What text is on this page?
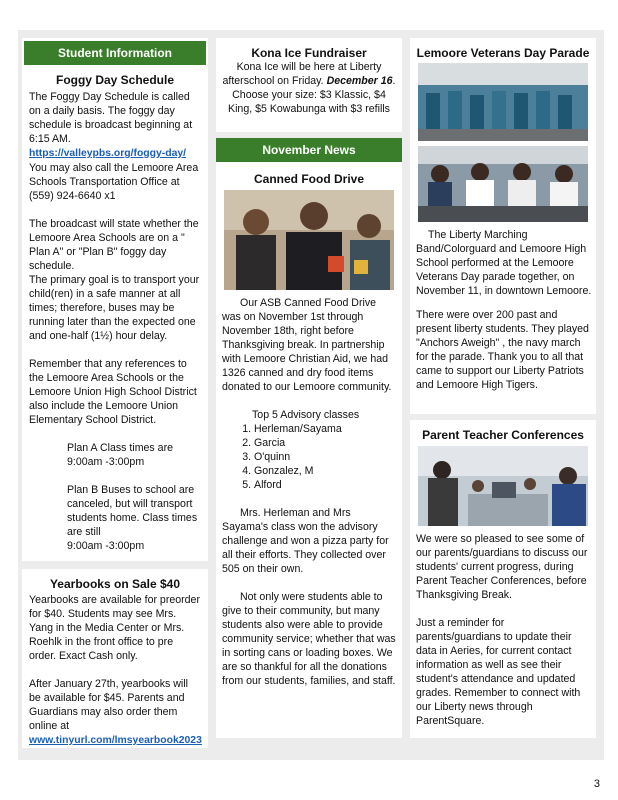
Student Information

Foggy Day Schedule

The Foggy Day Schedule is called on a daily basis. The foggy day schedule is broadcast beginning at 6:15 AM.

https://valleypbs.org/foggy-day/

You may also call the Lemoore Area Schools Transportation Office at (559) 924-6640 x1

The broadcast will state whether the Lemoore Area Schools are on a " Plan A" or "Plan B" foggy day schedule.

The primary goal is to transport your child(ren) in a safe manner at all times; therefore, buses may be running later than the expected one and one-half (1½) hour delay.

Remember that any references to the Lemoore Area Schools or the Lemoore Union High School District also include the Lemoore Union Elementary School District.

Plan A Class times are

9:00am -3:00pm

Plan B Buses to school are canceled, but will transport students home. Class times are still

9:00am -3:00pm

Yearbooks on Sale $40

Yearbooks are available for preorder for $40. Students may see Mrs. Yang in the Media Center or Mrs. Roehlk in the front office to pre order. Exact Cash only.

After January 27th, yearbooks will be available for $45. Parents and Guardians may also order them online at

www.tinyurl.com/lmsyearbook2023

Kona Ice Fundraiser

Kona Ice will be here at Liberty afterschool on Friday. December 16.

Choose your size: $3 Klassic, $4 King, $5 Kowabunga with $3 refills

November News

Canned Food Drive

Our ASB Canned Food Drive was on November 1st through November 18th, right before Thanksgiving break. In partnership with Lemoore Christian Aid, we had 1326 canned and dry food items donated to our Lemoore community.

Top 5 Advisory classes

1. Herleman/Sayama
2. Garcia
3. O'quinn
4. Gonzalez, M
5. Alford

Mrs. Herleman and Mrs Sayama's class won the advisory challenge and won a pizza party for all their efforts. They collected over 505 on their own.

Not only were students able to give to their community, but many students also were able to provide community service; whether that was in sorting cans or loading boxes. We are so thankful for all the donations from our students, families, and staff.

Lemoore Veterans Day Parade

The Liberty Marching Band/Colorguard and Lemoore High School performed at the Lemoore Veterans Day parade together, on November 11, in downtown Lemoore.

There were over 200 past and present liberty students. They played "Anchors Aweigh" , the navy march for the parade. Thank you to all that came to support our Liberty Patriots and Lemoore High Tigers.

Parent Teacher Conferences

We were so pleased to see some of our parents/guardians to discuss our students' current progress, during Parent Teacher Conferences, before Thanksgiving Break.

Just a reminder for parents/guardians to update their data in Aeries, for current contact information as well as see their student's attendance and updated grades. Remember to connect with our Liberty news through ParentSquare.

3
